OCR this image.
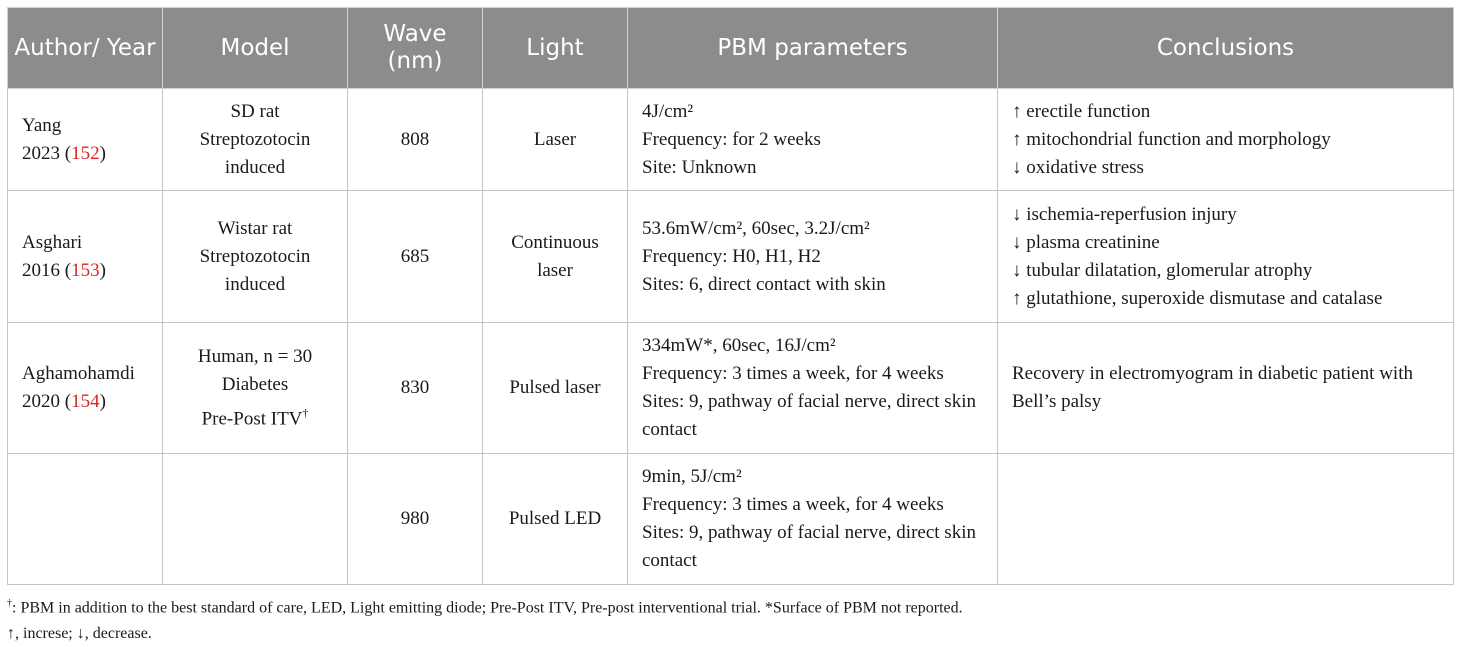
Author/ Year	Model	Wave (nm)	Light	PBM parameters	Conclusions

Yang
2023 (152)	SD rat
Streptozotocin
induced	808	Laser	4J/cm²
Frequency: for 2 weeks
Site: Unknown	↑ erectile function
↑ mitochondrial function and morphology
↓ oxidative stress

Asghari
2016 (153)	Wistar rat
Streptozotocin
induced	685	Continuous laser	53.6mW/cm², 60sec, 3.2J/cm²
Frequency: H0, H1, H2
Sites: 6, direct contact with skin	↓ ischemia-reperfusion injury
↓ plasma creatinine
↓ tubular dilatation, glomerular atrophy
↑ glutathione, superoxide dismutase and catalase

Aghamohamdi
2020 (154)	Human, n = 30
Diabetes
Pre-Post ITV†	830	Pulsed laser	334mW*, 60sec, 16J/cm²
Frequency: 3 times a week, for 4 weeks
Sites: 9, pathway of facial nerve, direct skin contact	Recovery in electromyogram in diabetic patient with Bell’s palsy

		980	Pulsed LED	9min, 5J/cm²
Frequency: 3 times a week, for 4 weeks
Sites: 9, pathway of facial nerve, direct skin contact	

†: PBM in addition to the best standard of care, LED, Light emitting diode; Pre-Post ITV, Pre-post interventional trial. *Surface of PBM not reported.
↑, increse; ↓, decrease.
